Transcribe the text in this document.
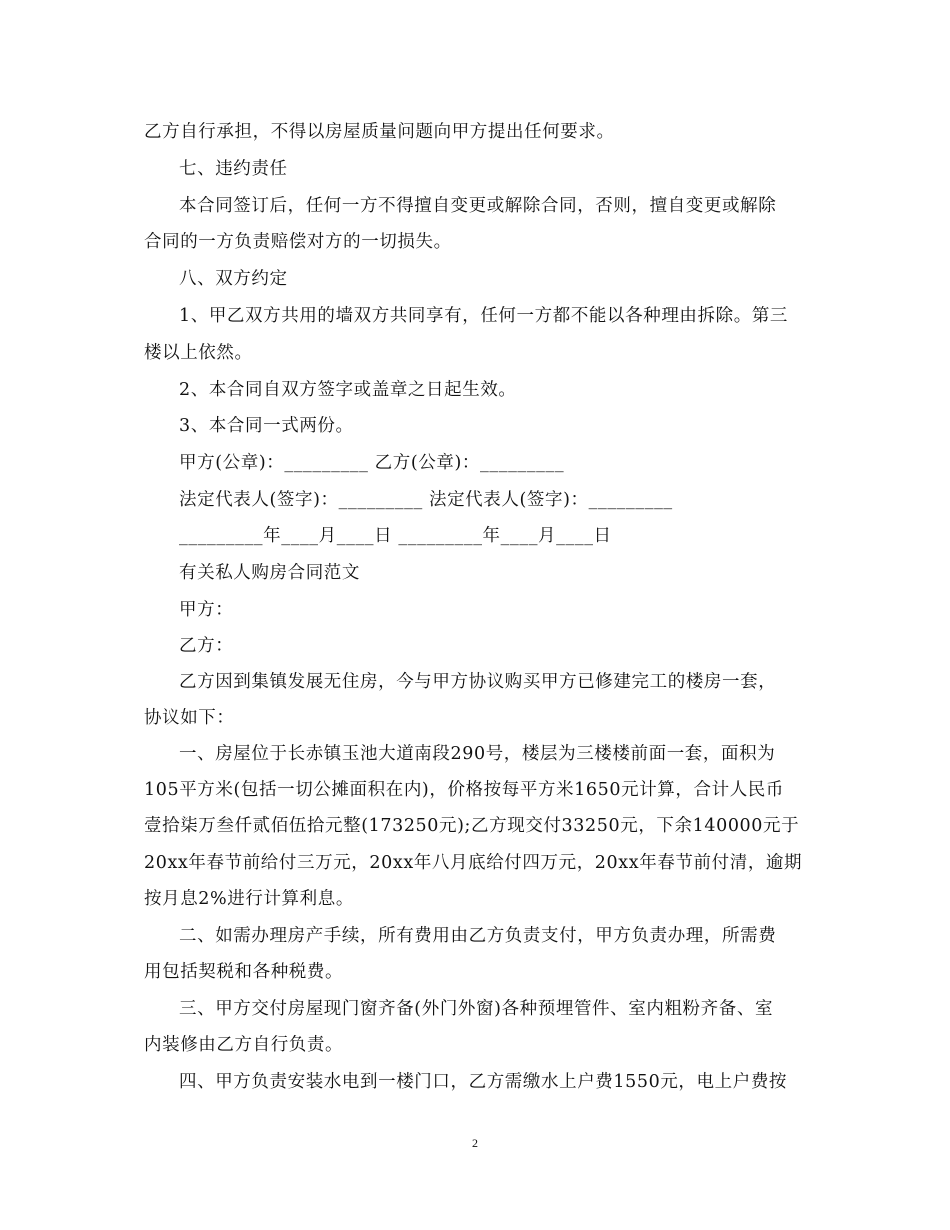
乙方自行承担，不得以房屋质量问题向甲方提出任何要求。
七、违约责任
本合同签订后，任何一方不得擅自变更或解除合同，否则，擅自变更或解除
合同的一方负责赔偿对方的一切损失。
八、双方约定
1、甲乙双方共用的墙双方共同享有，任何一方都不能以各种理由拆除。第三
楼以上依然。
2、本合同自双方签字或盖章之日起生效。
3、本合同一式两份。
甲方(公章)：_________ 乙方(公章)：_________
法定代表人(签字)：_________ 法定代表人(签字)：_________
_________年____月____日 _________年____月____日
有关私人购房合同范文
甲方：
乙方：
乙方因到集镇发展无住房，今与甲方协议购买甲方已修建完工的楼房一套，
协议如下：
一、房屋位于长赤镇玉池大道南段290号，楼层为三楼楼前面一套，面积为
105平方米(包括一切公摊面积在内)，价格按每平方米1650元计算，合计人民币
壹拾柒万叁仟贰佰伍拾元整(173250元);乙方现交付33250元，下余140000元于
20xx年春节前给付三万元，20xx年八月底给付四万元，20xx年春节前付清，逾期
按月息2%进行计算利息。
二、如需办理房产手续，所有费用由乙方负责支付，甲方负责办理，所需费
用包括契税和各种税费。
三、甲方交付房屋现门窗齐备(外门外窗)各种预埋管件、室内粗粉齐备、室
内装修由乙方自行负责。
四、甲方负责安装水电到一楼门口，乙方需缴水上户费1550元，电上户费按
2
